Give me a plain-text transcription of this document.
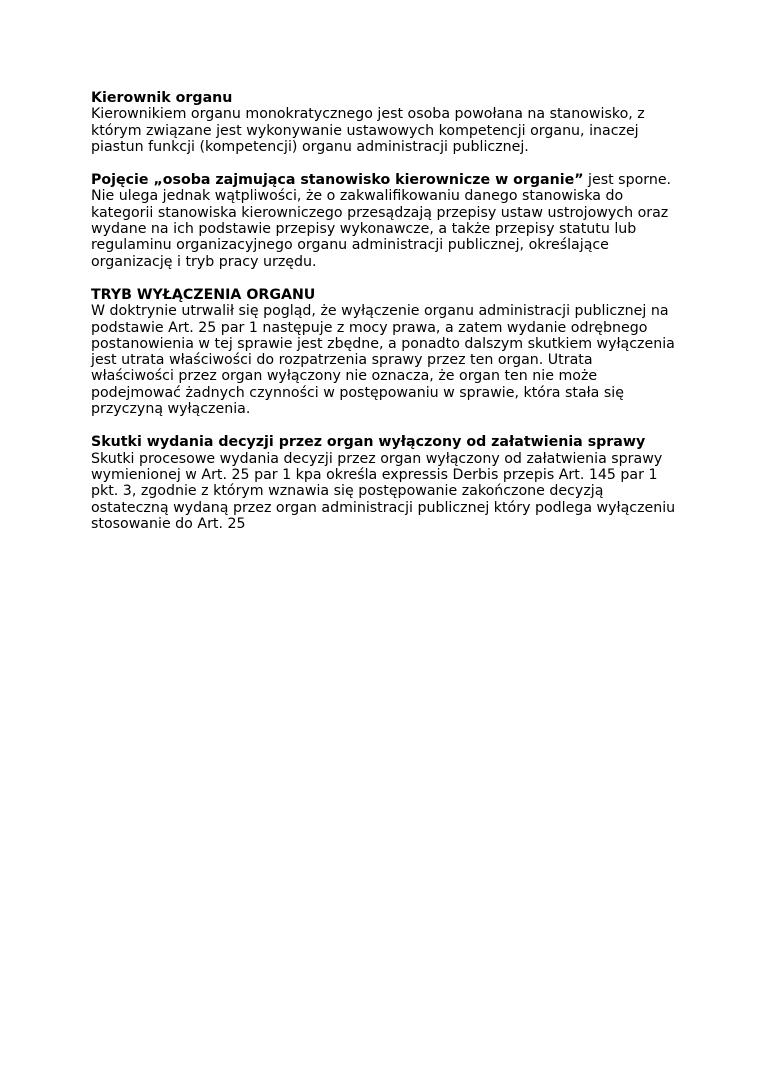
Kierownik organu

Kierownikiem organu monokratycznego jest osoba powołana na stanowisko, z
którym związane jest wykonywanie ustawowych kompetencji organu, inaczej
piastun funkcji (kompetencji) organu administracji publicznej.

Pojęcie „osoba zajmująca stanowisko kierownicze w organie” jest sporne.
Nie ulega jednak wątpliwości, że o zakwalifikowaniu danego stanowiska do
kategorii stanowiska kierowniczego przesądzają przepisy ustaw ustrojowych oraz
wydane na ich podstawie przepisy wykonawcze, a także przepisy statutu lub
regulaminu organizacyjnego organu administracji publicznej, określające
organizację i tryb pracy urzędu.

TRYB WYŁĄCZENIA ORGANU

W doktrynie utrwalił się pogląd, że wyłączenie organu administracji publicznej na
podstawie Art. 25 par 1 następuje z mocy prawa, a zatem wydanie odrębnego
postanowienia w tej sprawie jest zbędne, a ponadto dalszym skutkiem wyłączenia
jest utrata właściwości do rozpatrzenia sprawy przez ten organ. Utrata
właściwości przez organ wyłączony nie oznacza, że organ ten nie może
podejmować żadnych czynności w postępowaniu w sprawie, która stała się
przyczyną wyłączenia.

Skutki wydania decyzji przez organ wyłączony od załatwienia sprawy

Skutki procesowe wydania decyzji przez organ wyłączony od załatwienia sprawy
wymienionej w Art. 25 par 1 kpa określa expressis Derbis przepis Art. 145 par 1
pkt. 3, zgodnie z którym wznawia się postępowanie zakończone decyzją
ostateczną wydaną przez organ administracji publicznej który podlega wyłączeniu
stosowanie do Art. 25
